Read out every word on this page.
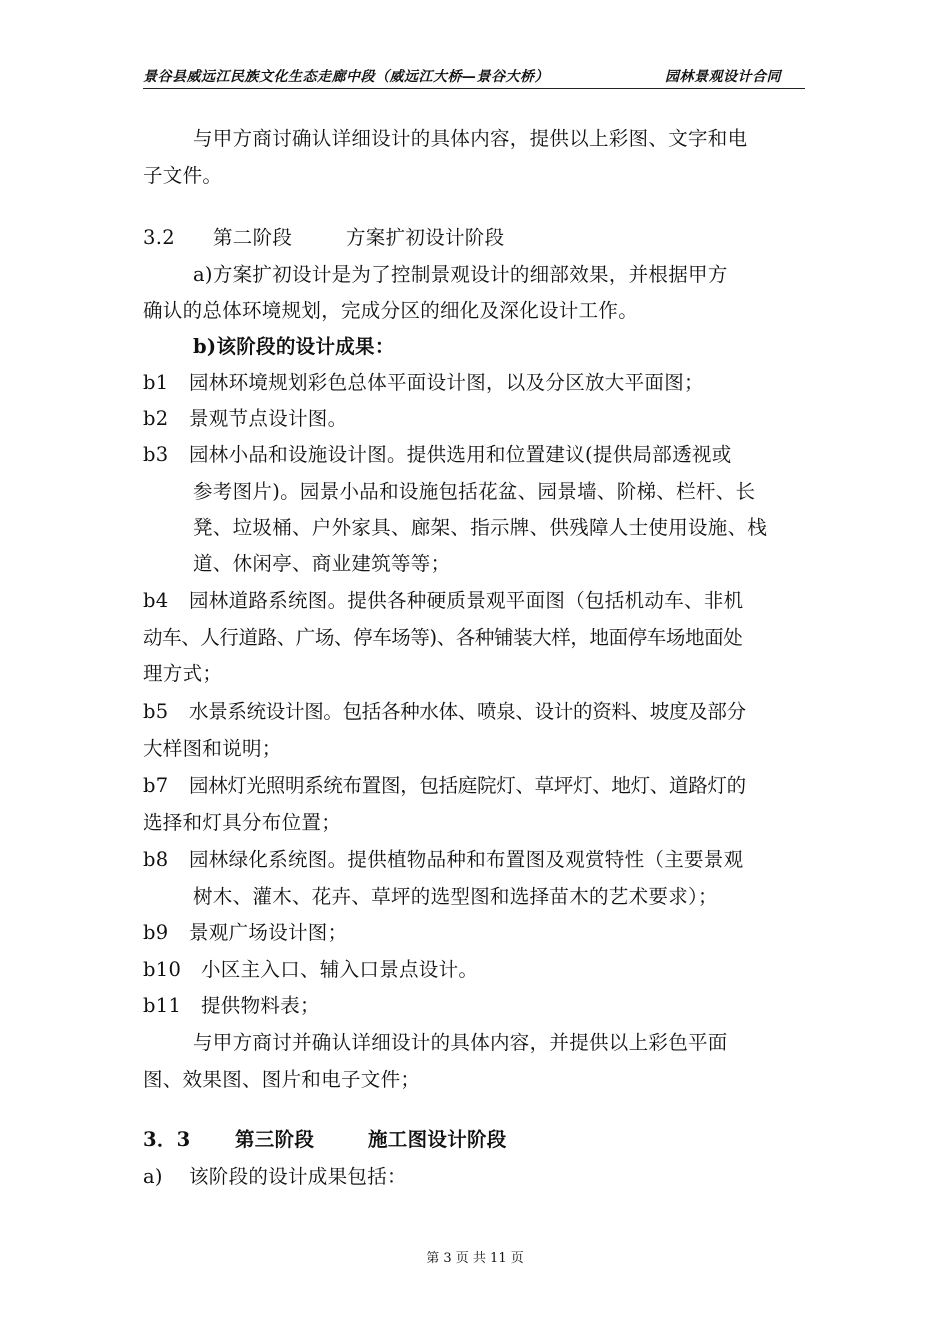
景谷县威远江民族文化生态走廊中段（威远江大桥—景谷大桥）	园林景观设计合同
与甲方商讨确认详细设计的具体内容，提供以上彩图、文字和电
子文件。
3.2 第二阶段	方案扩初设计阶段
a)方案扩初设计是为了控制景观设计的细部效果，并根据甲方
确认的总体环境规划，完成分区的细化及深化设计工作。
b)该阶段的设计成果：
b1 园林环境规划彩色总体平面设计图，以及分区放大平面图；
b2 景观节点设计图。
b3 园林小品和设施设计图。提供选用和位置建议(提供局部透视或
参考图片)。园景小品和设施包括花盆、园景墙、阶梯、栏杆、长
凳、垃圾桶、户外家具、廊架、指示牌、供残障人士使用设施、栈
道、休闲亭、商业建筑等等；
b4 园林道路系统图。提供各种硬质景观平面图（包括机动车、非机
动车、人行道路、广场、停车场等)、各种铺装大样，地面停车场地面处
理方式；
b5 水景系统设计图。包括各种水体、喷泉、设计的资料、坡度及部分
大样图和说明；
b7 园林灯光照明系统布置图，包括庭院灯、草坪灯、地灯、道路灯的
选择和灯具分布位置；
b8 园林绿化系统图。提供植物品种和布置图及观赏特性（主要景观
树木、灌木、花卉、草坪的选型图和选择苗木的艺术要求）；
b9 景观广场设计图；
b10 小区主入口、辅入口景点设计。
b11 提供物料表；
与甲方商讨并确认详细设计的具体内容，并提供以上彩色平面
图、效果图、图片和电子文件；
3．3 第三阶段	施工图设计阶段
a) 该阶段的设计成果包括：
第 3 页 共 11 页
